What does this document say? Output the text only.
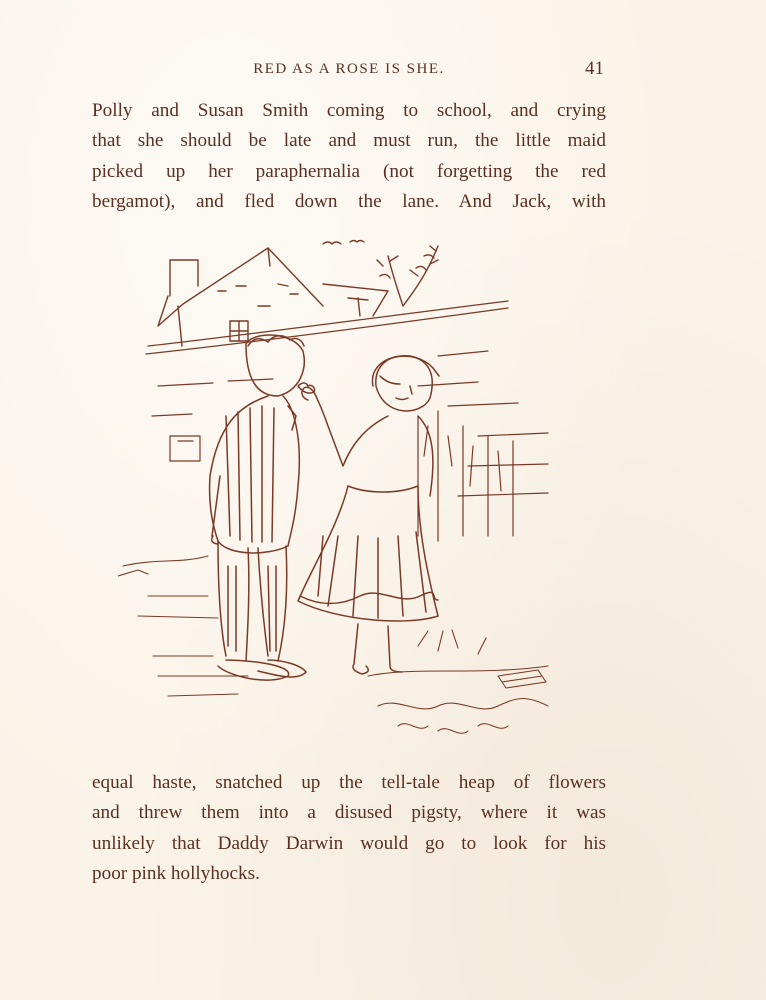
RED AS A ROSE IS SHE.	41

Polly and Susan Smith coming to school, and crying
that she should be late and must run, the little maid
picked up her paraphernalia (not forgetting the red
bergamot), and fled down the lane. And Jack, with

equal haste, snatched up the tell-tale heap of flowers
and threw them into a disused pigsty, where it was
unlikely that Daddy Darwin would go to look for his
poor pink hollyhocks.
